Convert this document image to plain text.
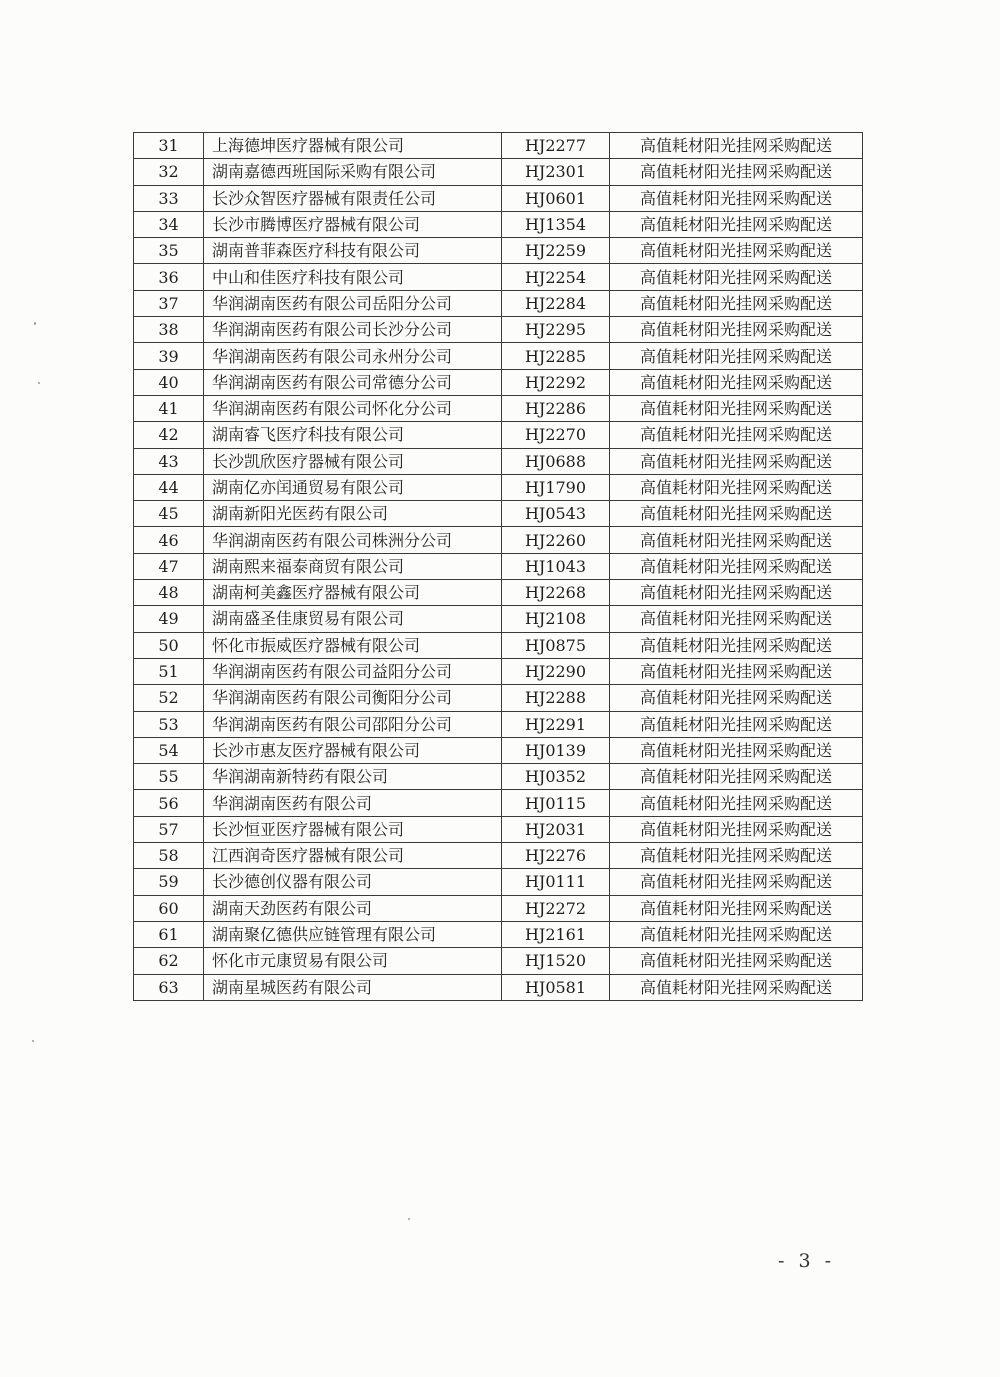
31	上海德坤医疗器械有限公司	HJ2277	高值耗材阳光挂网采购配送
32	湖南嘉德西班国际采购有限公司	HJ2301	高值耗材阳光挂网采购配送
33	长沙众智医疗器械有限责任公司	HJ0601	高值耗材阳光挂网采购配送
34	长沙市腾博医疗器械有限公司	HJ1354	高值耗材阳光挂网采购配送
35	湖南普菲森医疗科技有限公司	HJ2259	高值耗材阳光挂网采购配送
36	中山和佳医疗科技有限公司	HJ2254	高值耗材阳光挂网采购配送
37	华润湖南医药有限公司岳阳分公司	HJ2284	高值耗材阳光挂网采购配送
38	华润湖南医药有限公司长沙分公司	HJ2295	高值耗材阳光挂网采购配送
39	华润湖南医药有限公司永州分公司	HJ2285	高值耗材阳光挂网采购配送
40	华润湖南医药有限公司常德分公司	HJ2292	高值耗材阳光挂网采购配送
41	华润湖南医药有限公司怀化分公司	HJ2286	高值耗材阳光挂网采购配送
42	湖南睿飞医疗科技有限公司	HJ2270	高值耗材阳光挂网采购配送
43	长沙凯欣医疗器械有限公司	HJ0688	高值耗材阳光挂网采购配送
44	湖南亿亦闰通贸易有限公司	HJ1790	高值耗材阳光挂网采购配送
45	湖南新阳光医药有限公司	HJ0543	高值耗材阳光挂网采购配送
46	华润湖南医药有限公司株洲分公司	HJ2260	高值耗材阳光挂网采购配送
47	湖南熙来福泰商贸有限公司	HJ1043	高值耗材阳光挂网采购配送
48	湖南柯美鑫医疗器械有限公司	HJ2268	高值耗材阳光挂网采购配送
49	湖南盛圣佳康贸易有限公司	HJ2108	高值耗材阳光挂网采购配送
50	怀化市振威医疗器械有限公司	HJ0875	高值耗材阳光挂网采购配送
51	华润湖南医药有限公司益阳分公司	HJ2290	高值耗材阳光挂网采购配送
52	华润湖南医药有限公司衡阳分公司	HJ2288	高值耗材阳光挂网采购配送
53	华润湖南医药有限公司邵阳分公司	HJ2291	高值耗材阳光挂网采购配送
54	长沙市惠友医疗器械有限公司	HJ0139	高值耗材阳光挂网采购配送
55	华润湖南新特药有限公司	HJ0352	高值耗材阳光挂网采购配送
56	华润湖南医药有限公司	HJ0115	高值耗材阳光挂网采购配送
57	长沙恒亚医疗器械有限公司	HJ2031	高值耗材阳光挂网采购配送
58	江西润奇医疗器械有限公司	HJ2276	高值耗材阳光挂网采购配送
59	长沙德创仪器有限公司	HJ0111	高值耗材阳光挂网采购配送
60	湖南天劲医药有限公司	HJ2272	高值耗材阳光挂网采购配送
61	湖南聚亿德供应链管理有限公司	HJ2161	高值耗材阳光挂网采购配送
62	怀化市元康贸易有限公司	HJ1520	高值耗材阳光挂网采购配送
63	湖南星城医药有限公司	HJ0581	高值耗材阳光挂网采购配送
- 3 -
